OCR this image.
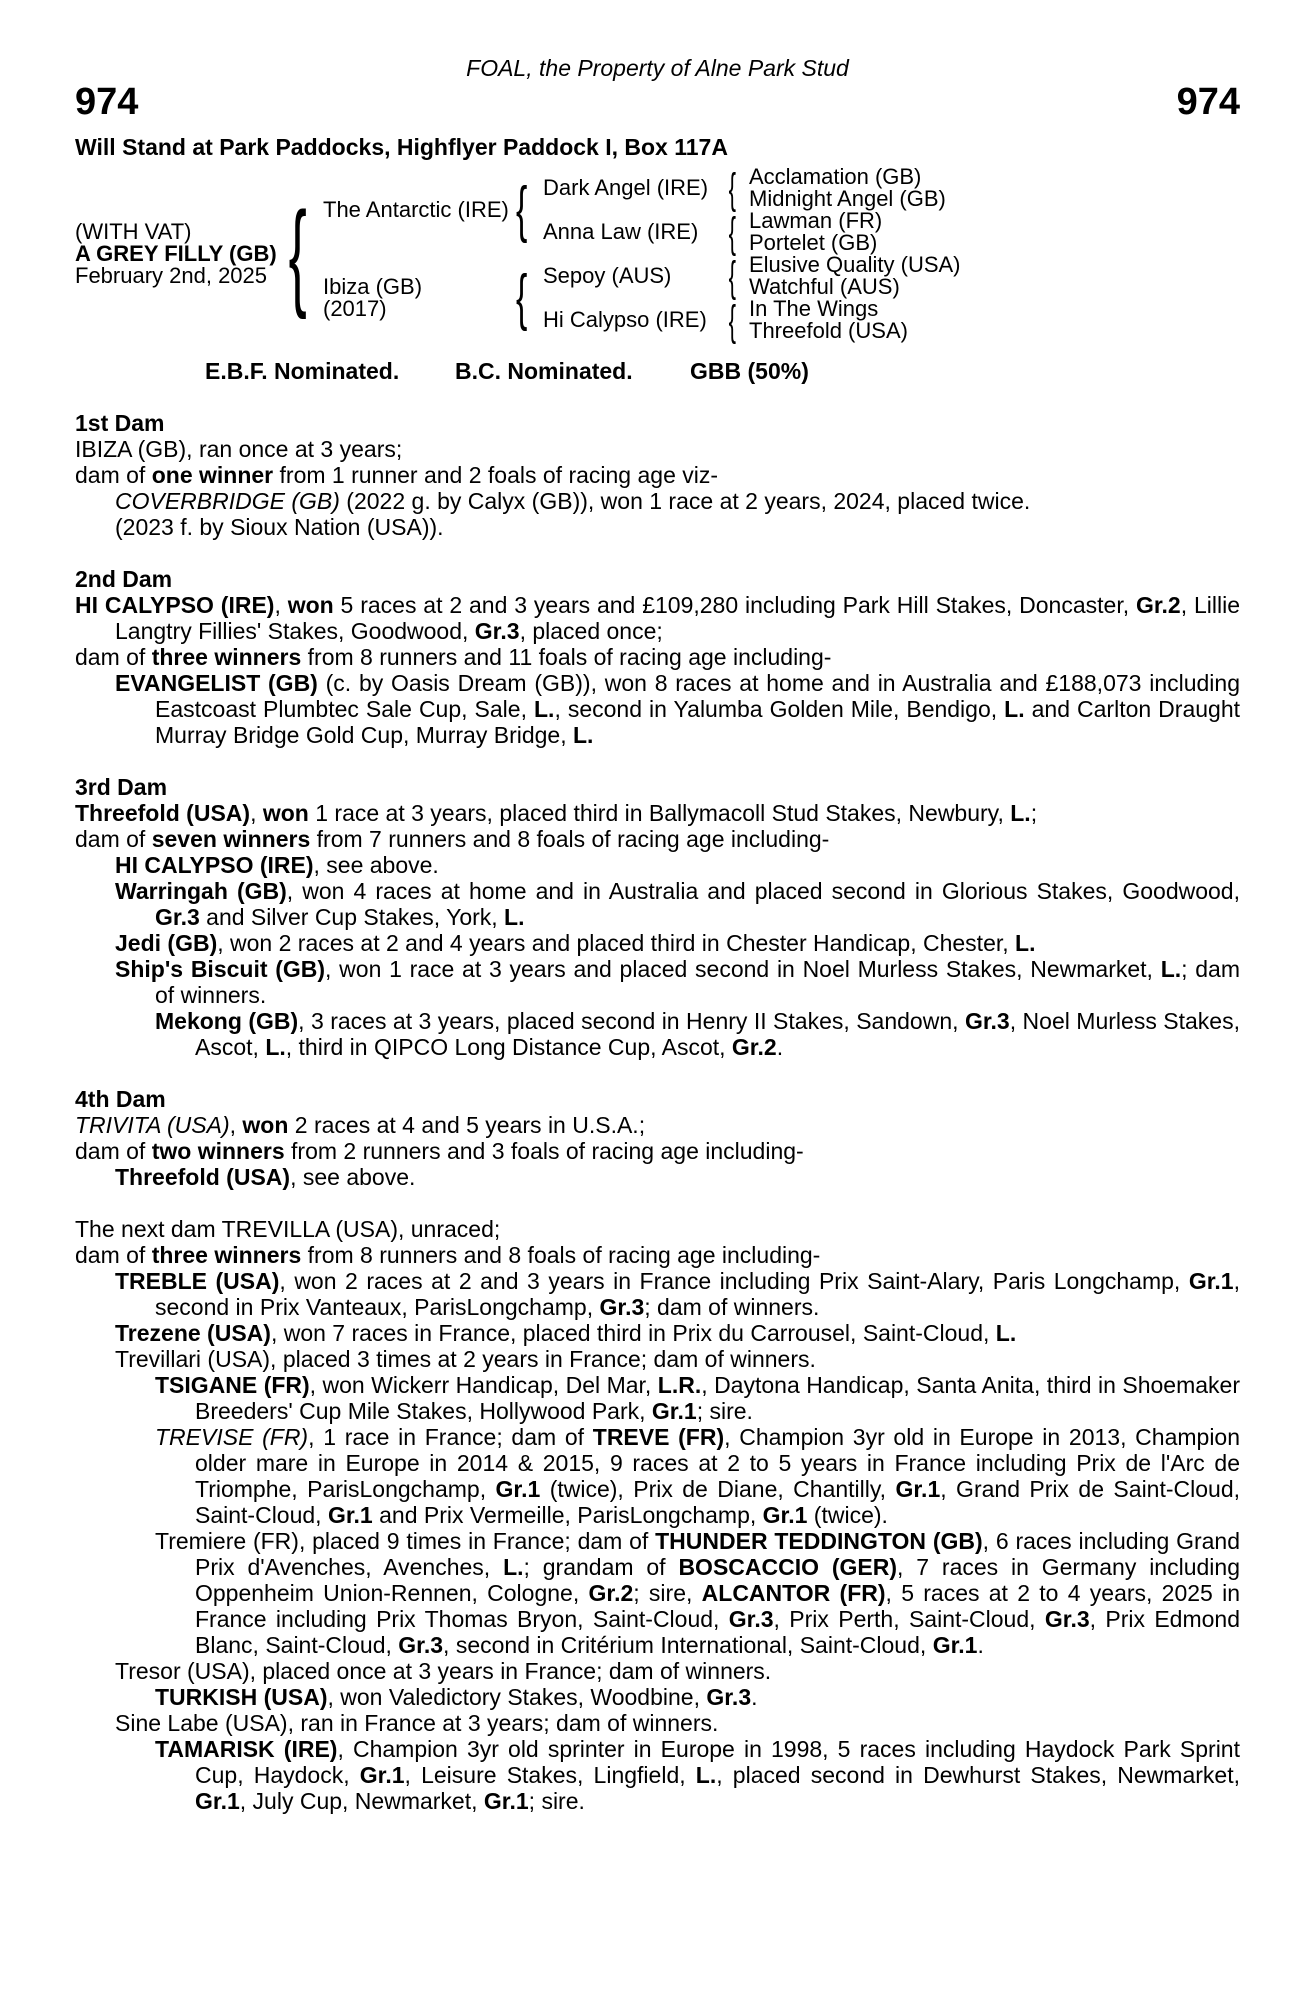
FOAL, the Property of Alne Park Stud
974	974
Will Stand at Park Paddocks, Highflyer Paddock I, Box 117A
(WITH VAT)
A GREY FILLY (GB)
February 2nd, 2025 { The Antarctic (IRE)
Ibiza (GB)
(2017)
{
{
Dark Angel (IRE)
Anna Law (IRE)
Sepoy (AUS)
Hi Calypso (IRE)
{
{
{
{
Acclamation (GB)
Midnight Angel (GB)
Lawman (FR)
Portelet (GB)
Elusive Quality (USA)
Watchful (AUS)
In The Wings
Threefold (USA)
E.B.F. Nominated. B.C. Nominated. GBB (50%)
1st Dam
IBIZA (GB), ran once at 3 years;
dam of one winner from 1 runner and 2 foals of racing age viz-
COVERBRIDGE (GB) (2022 g. by Calyx (GB)), won 1 race at 2 years, 2024, placed twice.
(2023 f. by Sioux Nation (USA)).
2nd Dam
HI CALYPSO (IRE), won 5 races at 2 and 3 years and £109,280 including Park Hill Stakes, Doncaster, Gr.2, Lillie Langtry Fillies' Stakes, Goodwood, Gr.3, placed once;
dam of three winners from 8 runners and 11 foals of racing age including-
EVANGELIST (GB) (c. by Oasis Dream (GB)), won 8 races at home and in Australia and £188,073 including Eastcoast Plumbtec Sale Cup, Sale, L., second in Yalumba Golden Mile, Bendigo, L. and Carlton Draught Murray Bridge Gold Cup, Murray Bridge, L.
3rd Dam
Threefold (USA), won 1 race at 3 years, placed third in Ballymacoll Stud Stakes, Newbury, L.;
dam of seven winners from 7 runners and 8 foals of racing age including-
HI CALYPSO (IRE), see above.
Warringah (GB), won 4 races at home and in Australia and placed second in Glorious Stakes, Goodwood, Gr.3 and Silver Cup Stakes, York, L.
Jedi (GB), won 2 races at 2 and 4 years and placed third in Chester Handicap, Chester, L.
Ship's Biscuit (GB), won 1 race at 3 years and placed second in Noel Murless Stakes, Newmarket, L.; dam of winners.
Mekong (GB), 3 races at 3 years, placed second in Henry II Stakes, Sandown, Gr.3, Noel Murless Stakes, Ascot, L., third in QIPCO Long Distance Cup, Ascot, Gr.2.
4th Dam
TRIVITA (USA), won 2 races at 4 and 5 years in U.S.A.;
dam of two winners from 2 runners and 3 foals of racing age including-
Threefold (USA), see above.
The next dam TREVILLA (USA), unraced;
dam of three winners from 8 runners and 8 foals of racing age including-
TREBLE (USA), won 2 races at 2 and 3 years in France including Prix Saint-Alary, Paris Longchamp, Gr.1, second in Prix Vanteaux, ParisLongchamp, Gr.3; dam of winners.
Trezene (USA), won 7 races in France, placed third in Prix du Carrousel, Saint-Cloud, L.
Trevillari (USA), placed 3 times at 2 years in France; dam of winners.
TSIGANE (FR), won Wickerr Handicap, Del Mar, L.R., Daytona Handicap, Santa Anita, third in Shoemaker Breeders' Cup Mile Stakes, Hollywood Park, Gr.1; sire.
TREVISE (FR), 1 race in France; dam of TREVE (FR), Champion 3yr old in Europe in 2013, Champion older mare in Europe in 2014 & 2015, 9 races at 2 to 5 years in France including Prix de l'Arc de Triomphe, ParisLongchamp, Gr.1 (twice), Prix de Diane, Chantilly, Gr.1, Grand Prix de Saint-Cloud, Saint-Cloud, Gr.1 and Prix Vermeille, ParisLongchamp, Gr.1 (twice).
Tremiere (FR), placed 9 times in France; dam of THUNDER TEDDINGTON (GB), 6 races including Grand Prix d'Avenches, Avenches, L.; grandam of BOSCACCIO (GER), 7 races in Germany including Oppenheim Union-Rennen, Cologne, Gr.2; sire, ALCANTOR (FR), 5 races at 2 to 4 years, 2025 in France including Prix Thomas Bryon, Saint-Cloud, Gr.3, Prix Perth, Saint-Cloud, Gr.3, Prix Edmond Blanc, Saint-Cloud, Gr.3, second in Critérium International, Saint-Cloud, Gr.1.
Tresor (USA), placed once at 3 years in France; dam of winners.
TURKISH (USA), won Valedictory Stakes, Woodbine, Gr.3.
Sine Labe (USA), ran in France at 3 years; dam of winners.
TAMARISK (IRE), Champion 3yr old sprinter in Europe in 1998, 5 races including Haydock Park Sprint Cup, Haydock, Gr.1, Leisure Stakes, Lingfield, L., placed second in Dewhurst Stakes, Newmarket, Gr.1, July Cup, Newmarket, Gr.1; sire.
